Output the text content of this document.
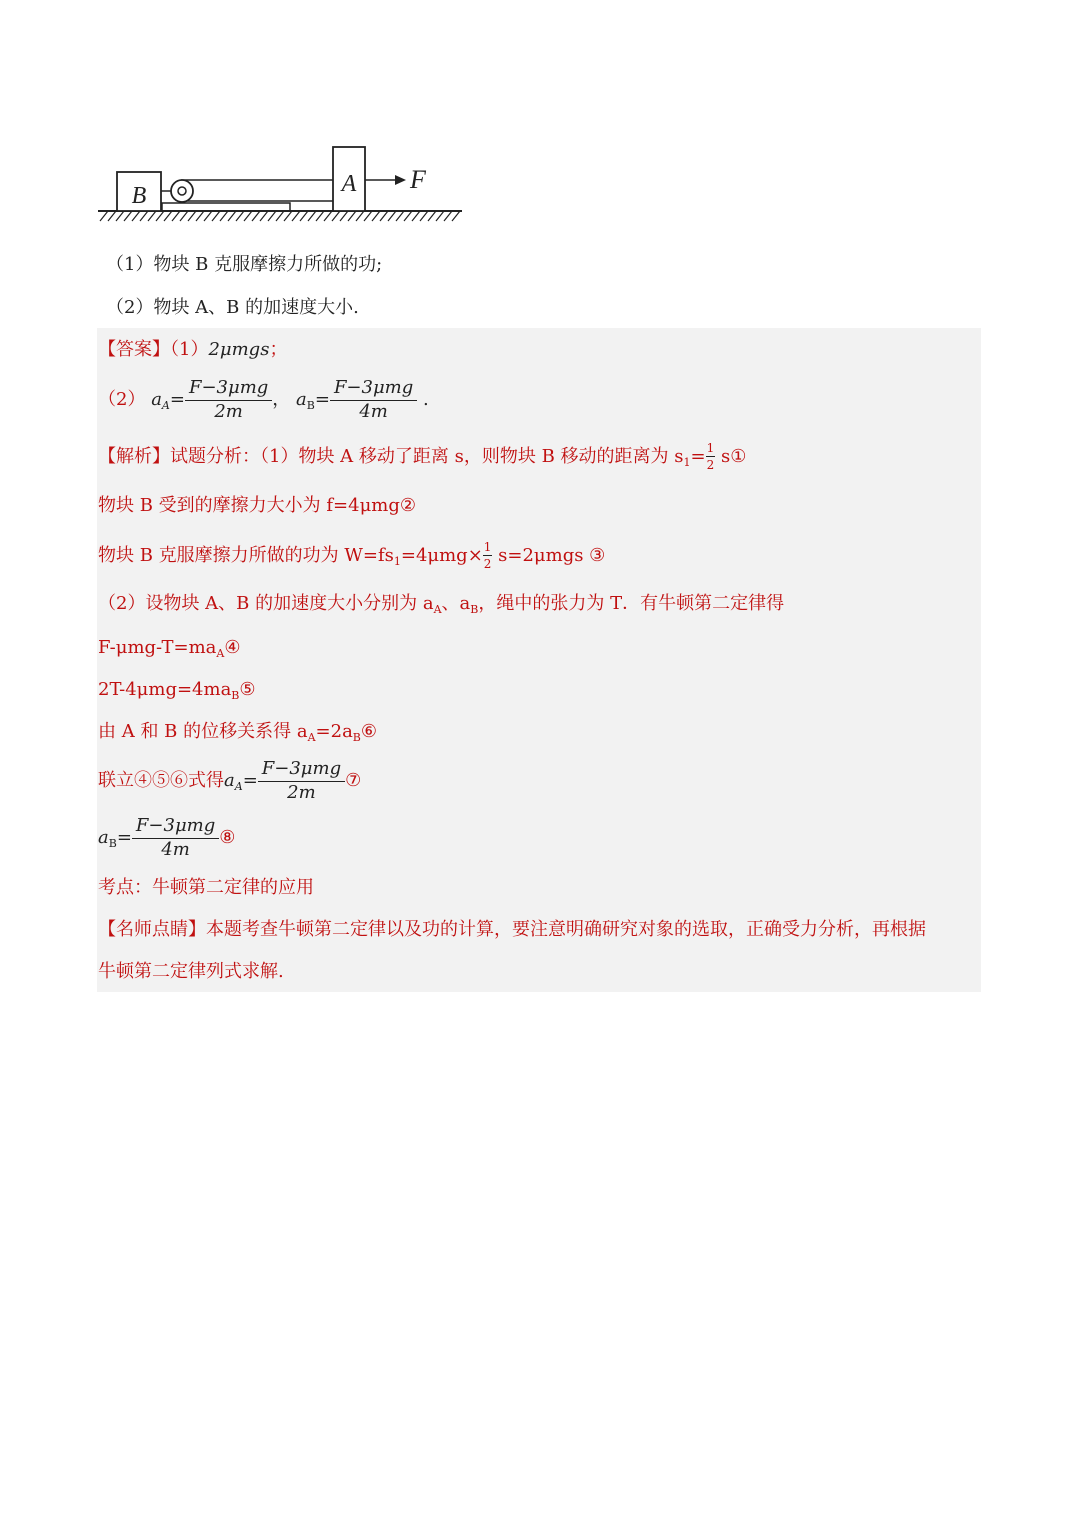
B	A F
（1）物块 B 克服摩擦力所做的功;
（2）物块 A、B 的加速度大小.
【答案】（1）2μmgs；
（2） $a_A= \frac{\text{F−3μmg}}{2m}$ ， $a_B= \frac{\text{F−3μmg}}{4m}$ .
【解析】试题分析：（1）物块 A 移动了距离 s，则物块 B 移动的距离为 $s_1= \frac{1}{2}$ s①
物块 B 受到的摩擦力大小为 f=4μmg②
物块 B 克服摩擦力所做的功为 $W=fs_1=4\mu mg\times \frac{1}{2} s=2\mu mgs$ ③
（2）设物块 A、B 的加速度大小分别为 $a_A$、$a_B$，绳中的张力为 T．有牛顿第二定律得
$F-\mu mg-T=ma_A④$
$2T-4\mu mg=4ma_B⑤$
由 A 和 B 的位移关系得 $a_A=2a_B⑥$
联立④⑤⑥式得$a_A= \frac{\text{F−3μmg}}{2m}$ ⑦
$a_B= \frac{\text{F−3μmg}}{4m}$ ⑧
考点：牛顿第二定律的应用
【名师点睛】本题考查牛顿第二定律以及功的计算，要注意明确研究对象的选取，正确受力分析，再根据
牛顿第二定律列式求解.
